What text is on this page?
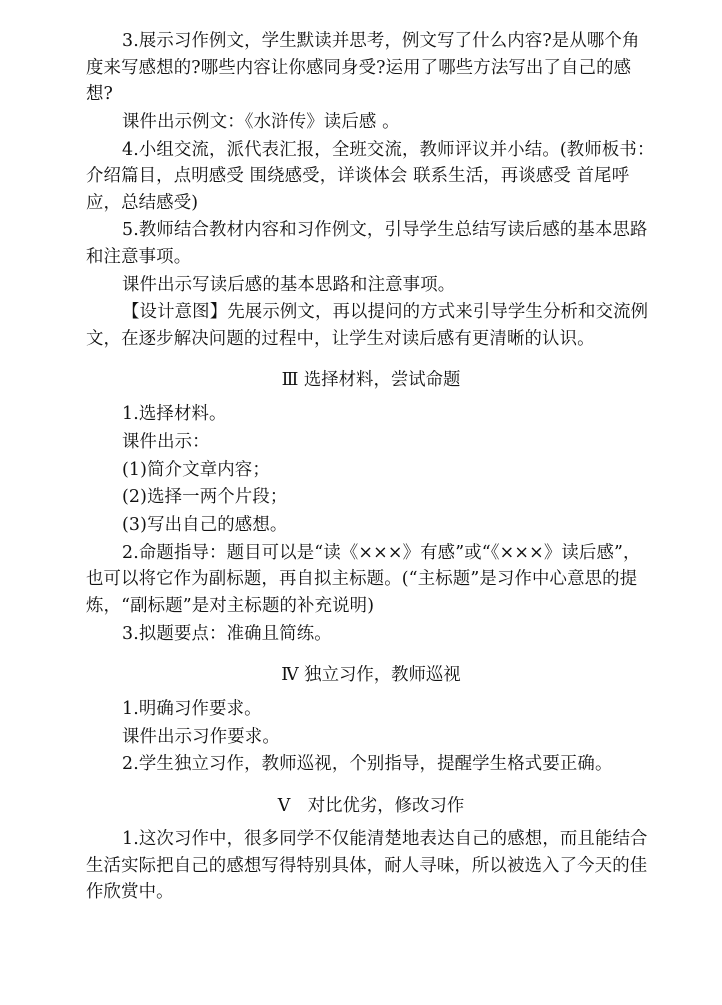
3.展示习作例文，学生默读并思考，例文写了什么内容?是从哪个角度来写感想的?哪些内容让你感同身受?运用了哪些方法写出了自己的感想?

课件出示例文：《水浒传》读后感 。

4.小组交流，派代表汇报，全班交流，教师评议并小结。(教师板书：介绍篇目，点明感受 围绕感受，详谈体会 联系生活，再谈感受 首尾呼应，总结感受)

5.教师结合教材内容和习作例文，引导学生总结写读后感的基本思路和注意事项。

课件出示写读后感的基本思路和注意事项。

【设计意图】先展示例文，再以提问的方式来引导学生分析和交流例文，在逐步解决问题的过程中，让学生对读后感有更清晰的认识。

Ⅲ 选择材料，尝试命题

1.选择材料。

课件出示：

(1)简介文章内容；

(2)选择一两个片段；

(3)写出自己的感想。

2.命题指导：题目可以是“读《×××》有感”或“《×××》读后感”，也可以将它作为副标题，再自拟主标题。(“主标题”是习作中心意思的提炼，“副标题”是对主标题的补充说明)

3.拟题要点：准确且简练。

Ⅳ 独立习作，教师巡视

1.明确习作要求。

课件出示习作要求。

2.学生独立习作，教师巡视，个别指导，提醒学生格式要正确。

Ⅴ　对比优劣，修改习作

1.这次习作中，很多同学不仅能清楚地表达自己的感想，而且能结合生活实际把自己的感想写得特别具体，耐人寻味，所以被选入了今天的佳作欣赏中。
